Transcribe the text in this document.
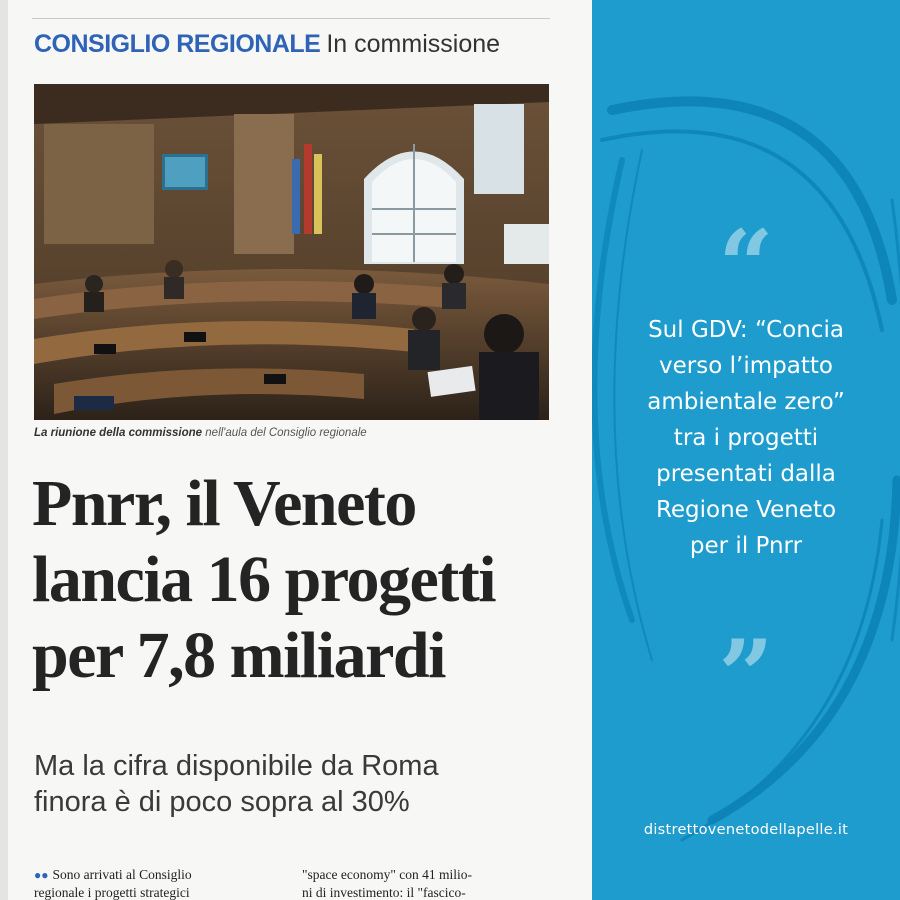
CONSIGLIO REGIONALE In commissione
La riunione della commissione nell'aula del Consiglio regionale
Pnrr, il Veneto
lancia 16 progetti
per 7,8 miliardi
Ma la cifra disponibile da Roma
finora è di poco sopra al 30%
●● Sono arrivati al Consiglio
regionale i progetti strategici
"space economy" con 41 milio-
ni di investimento: il "fascico-
“
Sul GDV: “Concia
verso l’impatto
ambientale zero”
tra i progetti
presentati dalla
Regione Veneto
per il Pnrr
”
distrettovenetodellapelle.it
